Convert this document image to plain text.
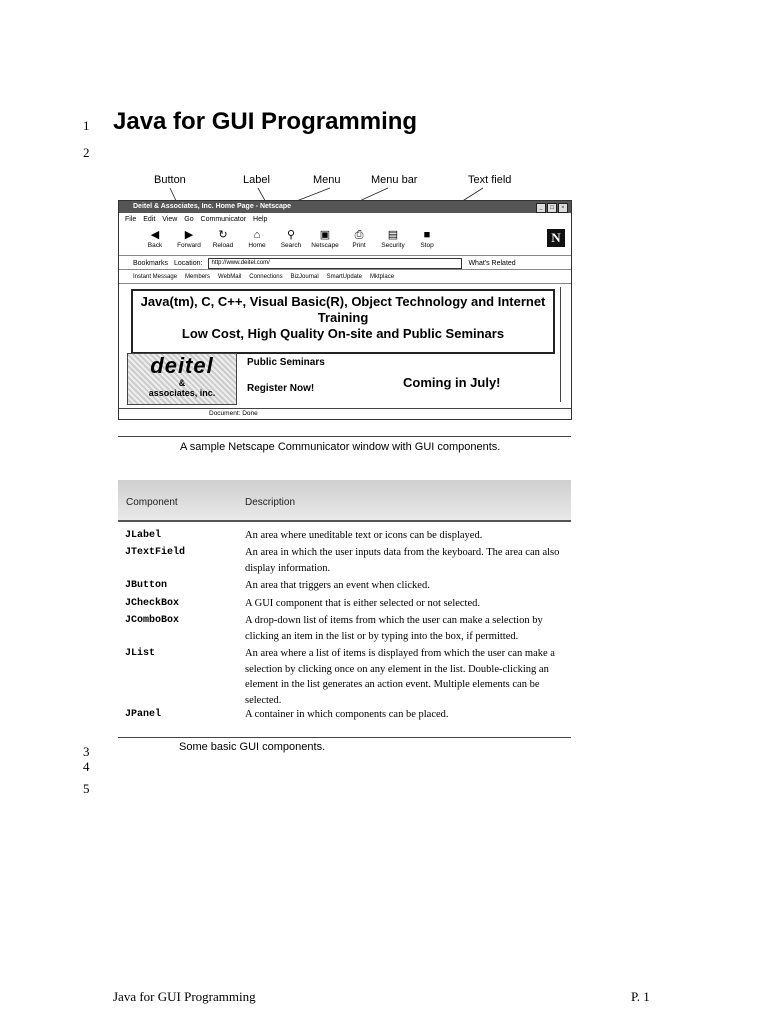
1
2
3
4
5
Java for GUI Programming
Button	Label	Menu	Menu bar	Text field
Deitel & Associates, Inc. Home Page - Netscape	_	□	×
File Edit View Go Communicator Help
◀
Back
▶
Forward
↻
Reload
⌂
Home
⚲
Search
▣
Netscape
⎙
Print
▤
Security
■
Stop
N
Bookmarks Location:	http://www.deitel.com/	What's Related
Instant Message Members WebMail Connections BizJournal SmartUpdate Mktplace
Java(tm), C, C++, Visual Basic(R), Object Technology and Internet
Training
Low Cost, High Quality On-site and Public Seminars
deitel
&
associates, inc.
Public Seminars
Register Now!	Coming in July!
Document: Done
A sample Netscape Communicator window with GUI components.
Component	Description
JLabel	An area where uneditable text or icons can be displayed.
JTextField	An area in which the user inputs data from the keyboard. The area can also display information.
JButton	An area that triggers an event when clicked.
JCheckBox	A GUI component that is either selected or not selected.
JComboBox	A drop-down list of items from which the user can make a selection by clicking an item in the list or by typing into the box, if permitted.
JList	An area where a list of items is displayed from which the user can make a selection by clicking once on any element in the list. Double-clicking an element in the list generates an action event. Multiple elements can be selected.
JPanel	A container in which components can be placed.
Some basic GUI components.
Java for GUI Programming	P. 1
